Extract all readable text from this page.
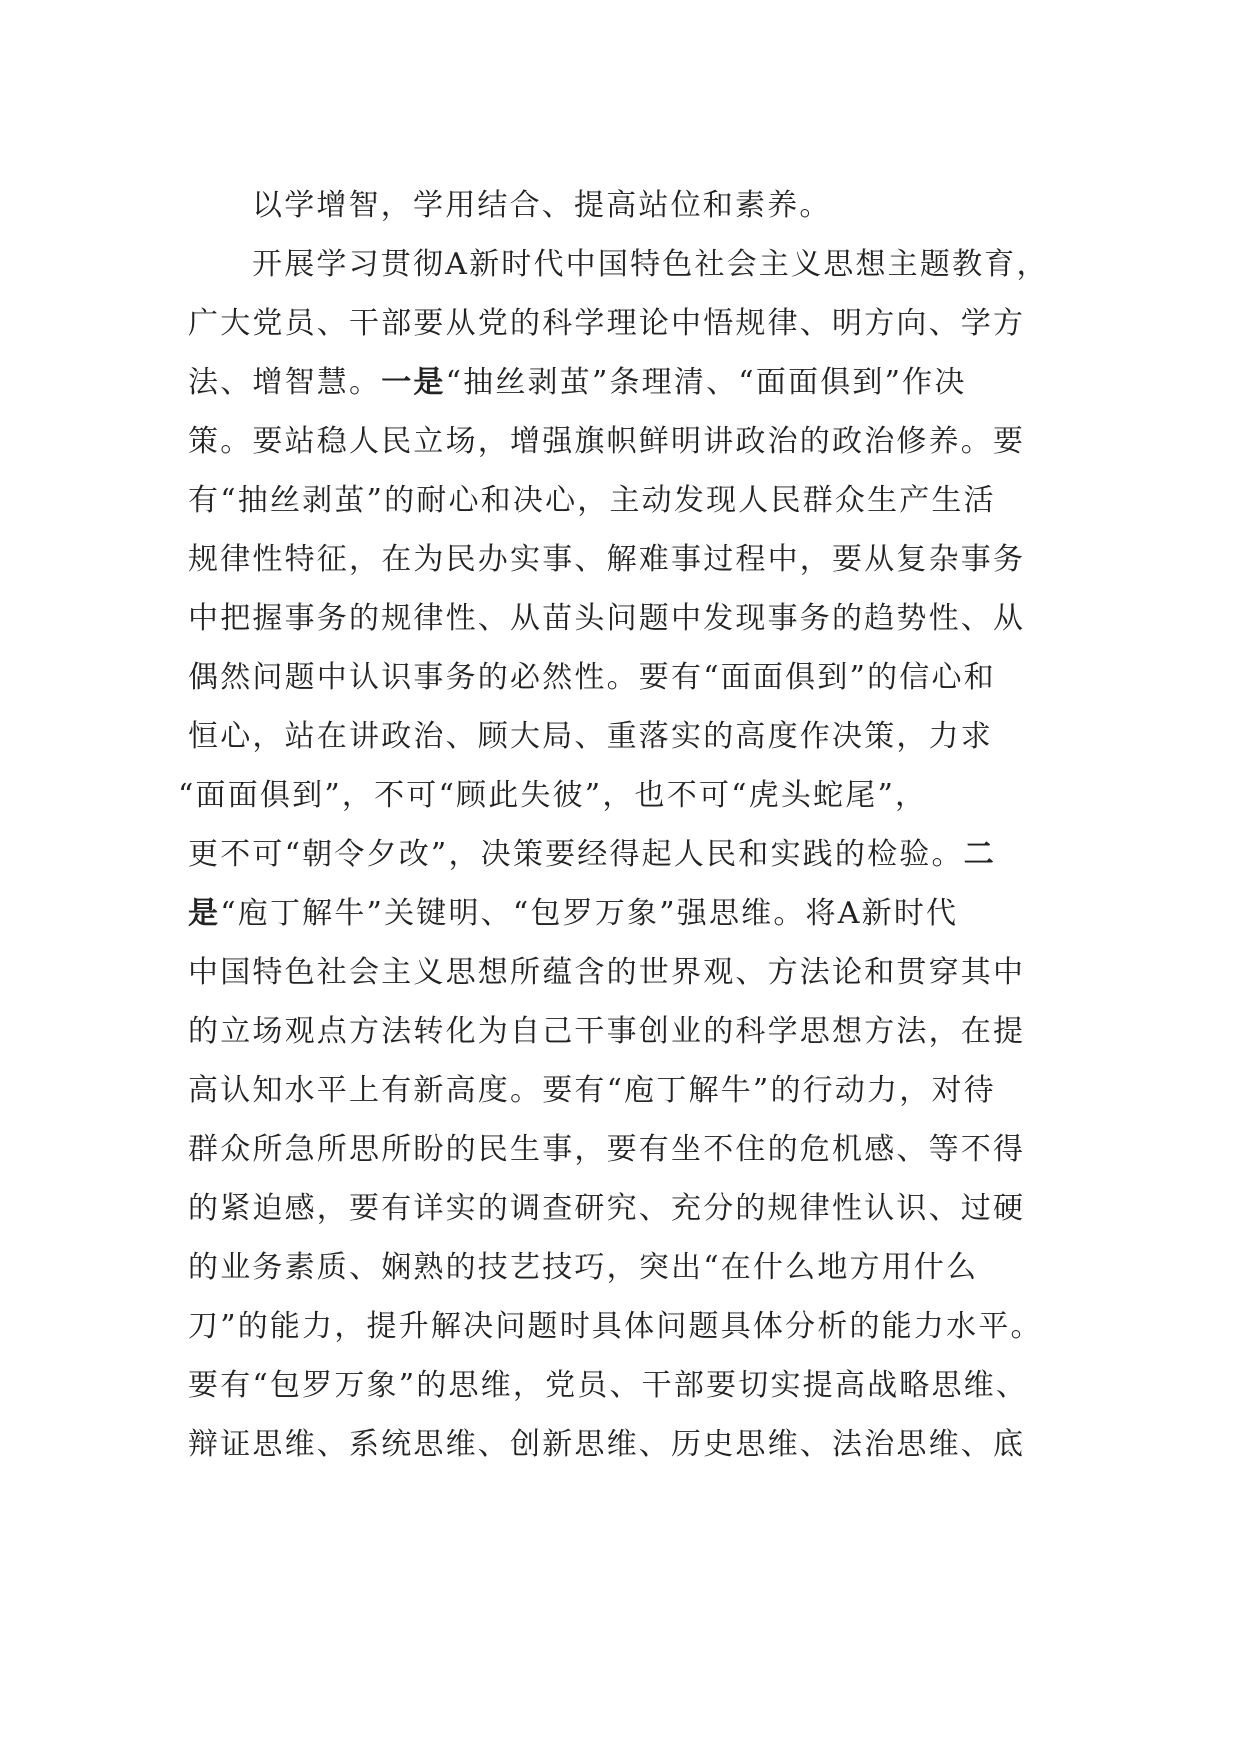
以学增智，学用结合、提高站位和素养。
开展学习贯彻A新时代中国特色社会主义思想主题教育，
广大党员、干部要从党的科学理论中悟规律、明方向、学方
法、增智慧。一是“抽丝剥茧”条理清、“面面俱到”作决
策。要站稳人民立场，增强旗帜鲜明讲政治的政治修养。要
有“抽丝剥茧”的耐心和决心，主动发现人民群众生产生活
规律性特征，在为民办实事、解难事过程中，要从复杂事务
中把握事务的规律性、从苗头问题中发现事务的趋势性、从
偶然问题中认识事务的必然性。要有“面面俱到”的信心和
恒心，站在讲政治、顾大局、重落实的高度作决策，力求
“面面俱到”，不可“顾此失彼”，也不可“虎头蛇尾”，
更不可“朝令夕改”，决策要经得起人民和实践的检验。二
是“庖丁解牛”关键明、“包罗万象”强思维。将A新时代
中国特色社会主义思想所蕴含的世界观、方法论和贯穿其中
的立场观点方法转化为自己干事创业的科学思想方法，在提
高认知水平上有新高度。要有“庖丁解牛”的行动力，对待
群众所急所思所盼的民生事，要有坐不住的危机感、等不得
的紧迫感，要有详实的调查研究、充分的规律性认识、过硬
的业务素质、娴熟的技艺技巧，突出“在什么地方用什么
刀”的能力，提升解决问题时具体问题具体分析的能力水平。
要有“包罗万象”的思维，党员、干部要切实提高战略思维、
辩证思维、系统思维、创新思维、历史思维、法治思维、底
